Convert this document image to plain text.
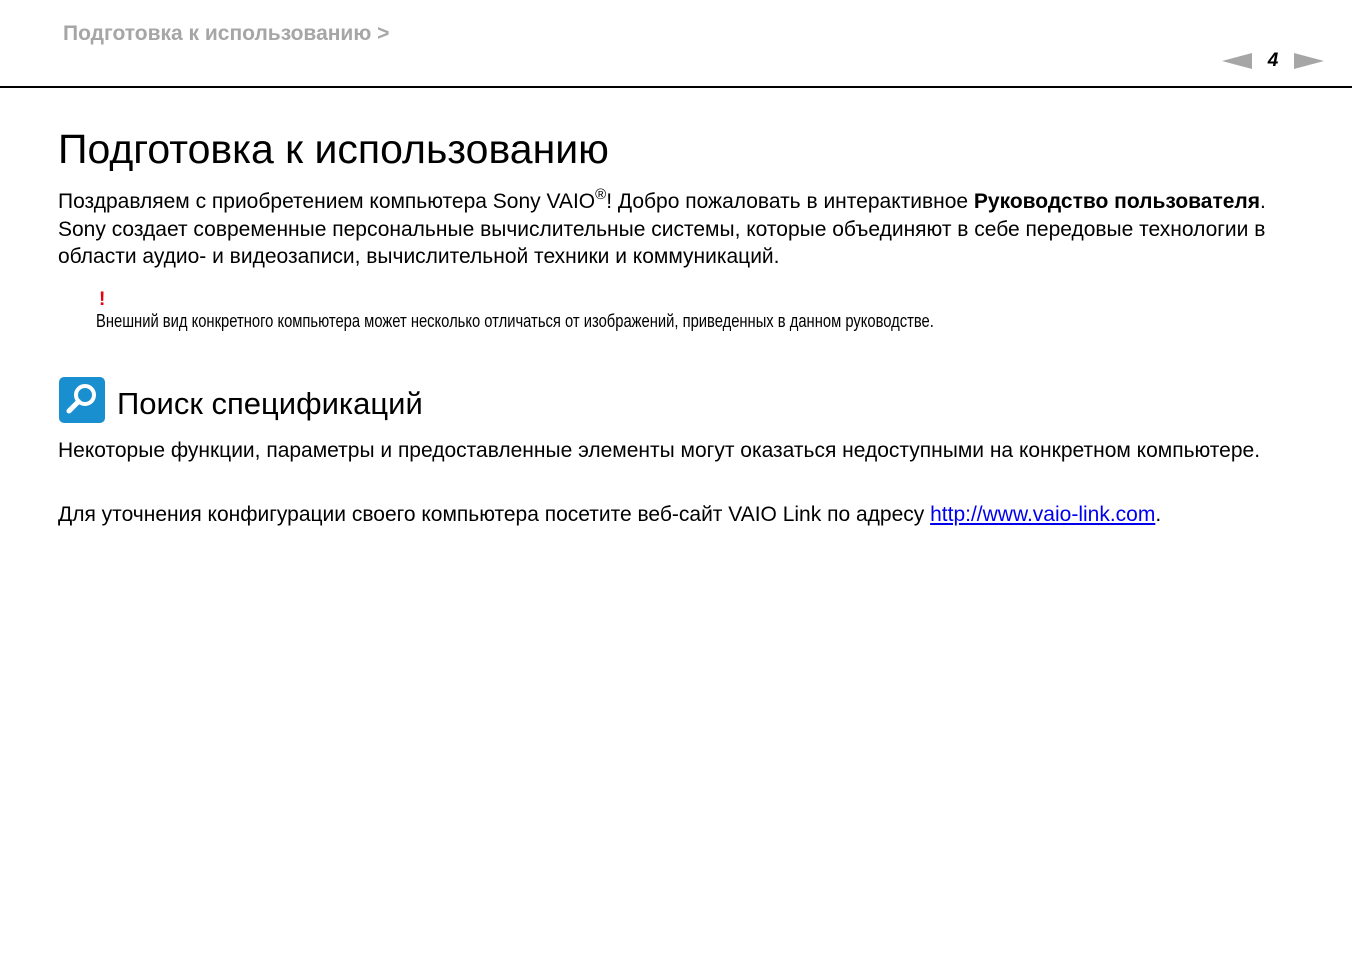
Подготовка к использованию >
4
Подготовка к использованию

Поздравляем с приобретением компьютера Sony VAIO®! Добро пожаловать в интерактивное Руководство пользователя. Sony создает современные персональные вычислительные системы, которые объединяют в себе передовые технологии в области аудио- и видеозаписи, вычислительной техники и коммуникаций.

!
Внешний вид конкретного компьютера может несколько отличаться от изображений, приведенных в данном руководстве.
Поиск спецификаций

Некоторые функции, параметры и предоставленные элементы могут оказаться недоступными на конкретном компьютере.

Для уточнения конфигурации своего компьютера посетите веб-сайт VAIO Link по адресу http://www.vaio-link.com.
